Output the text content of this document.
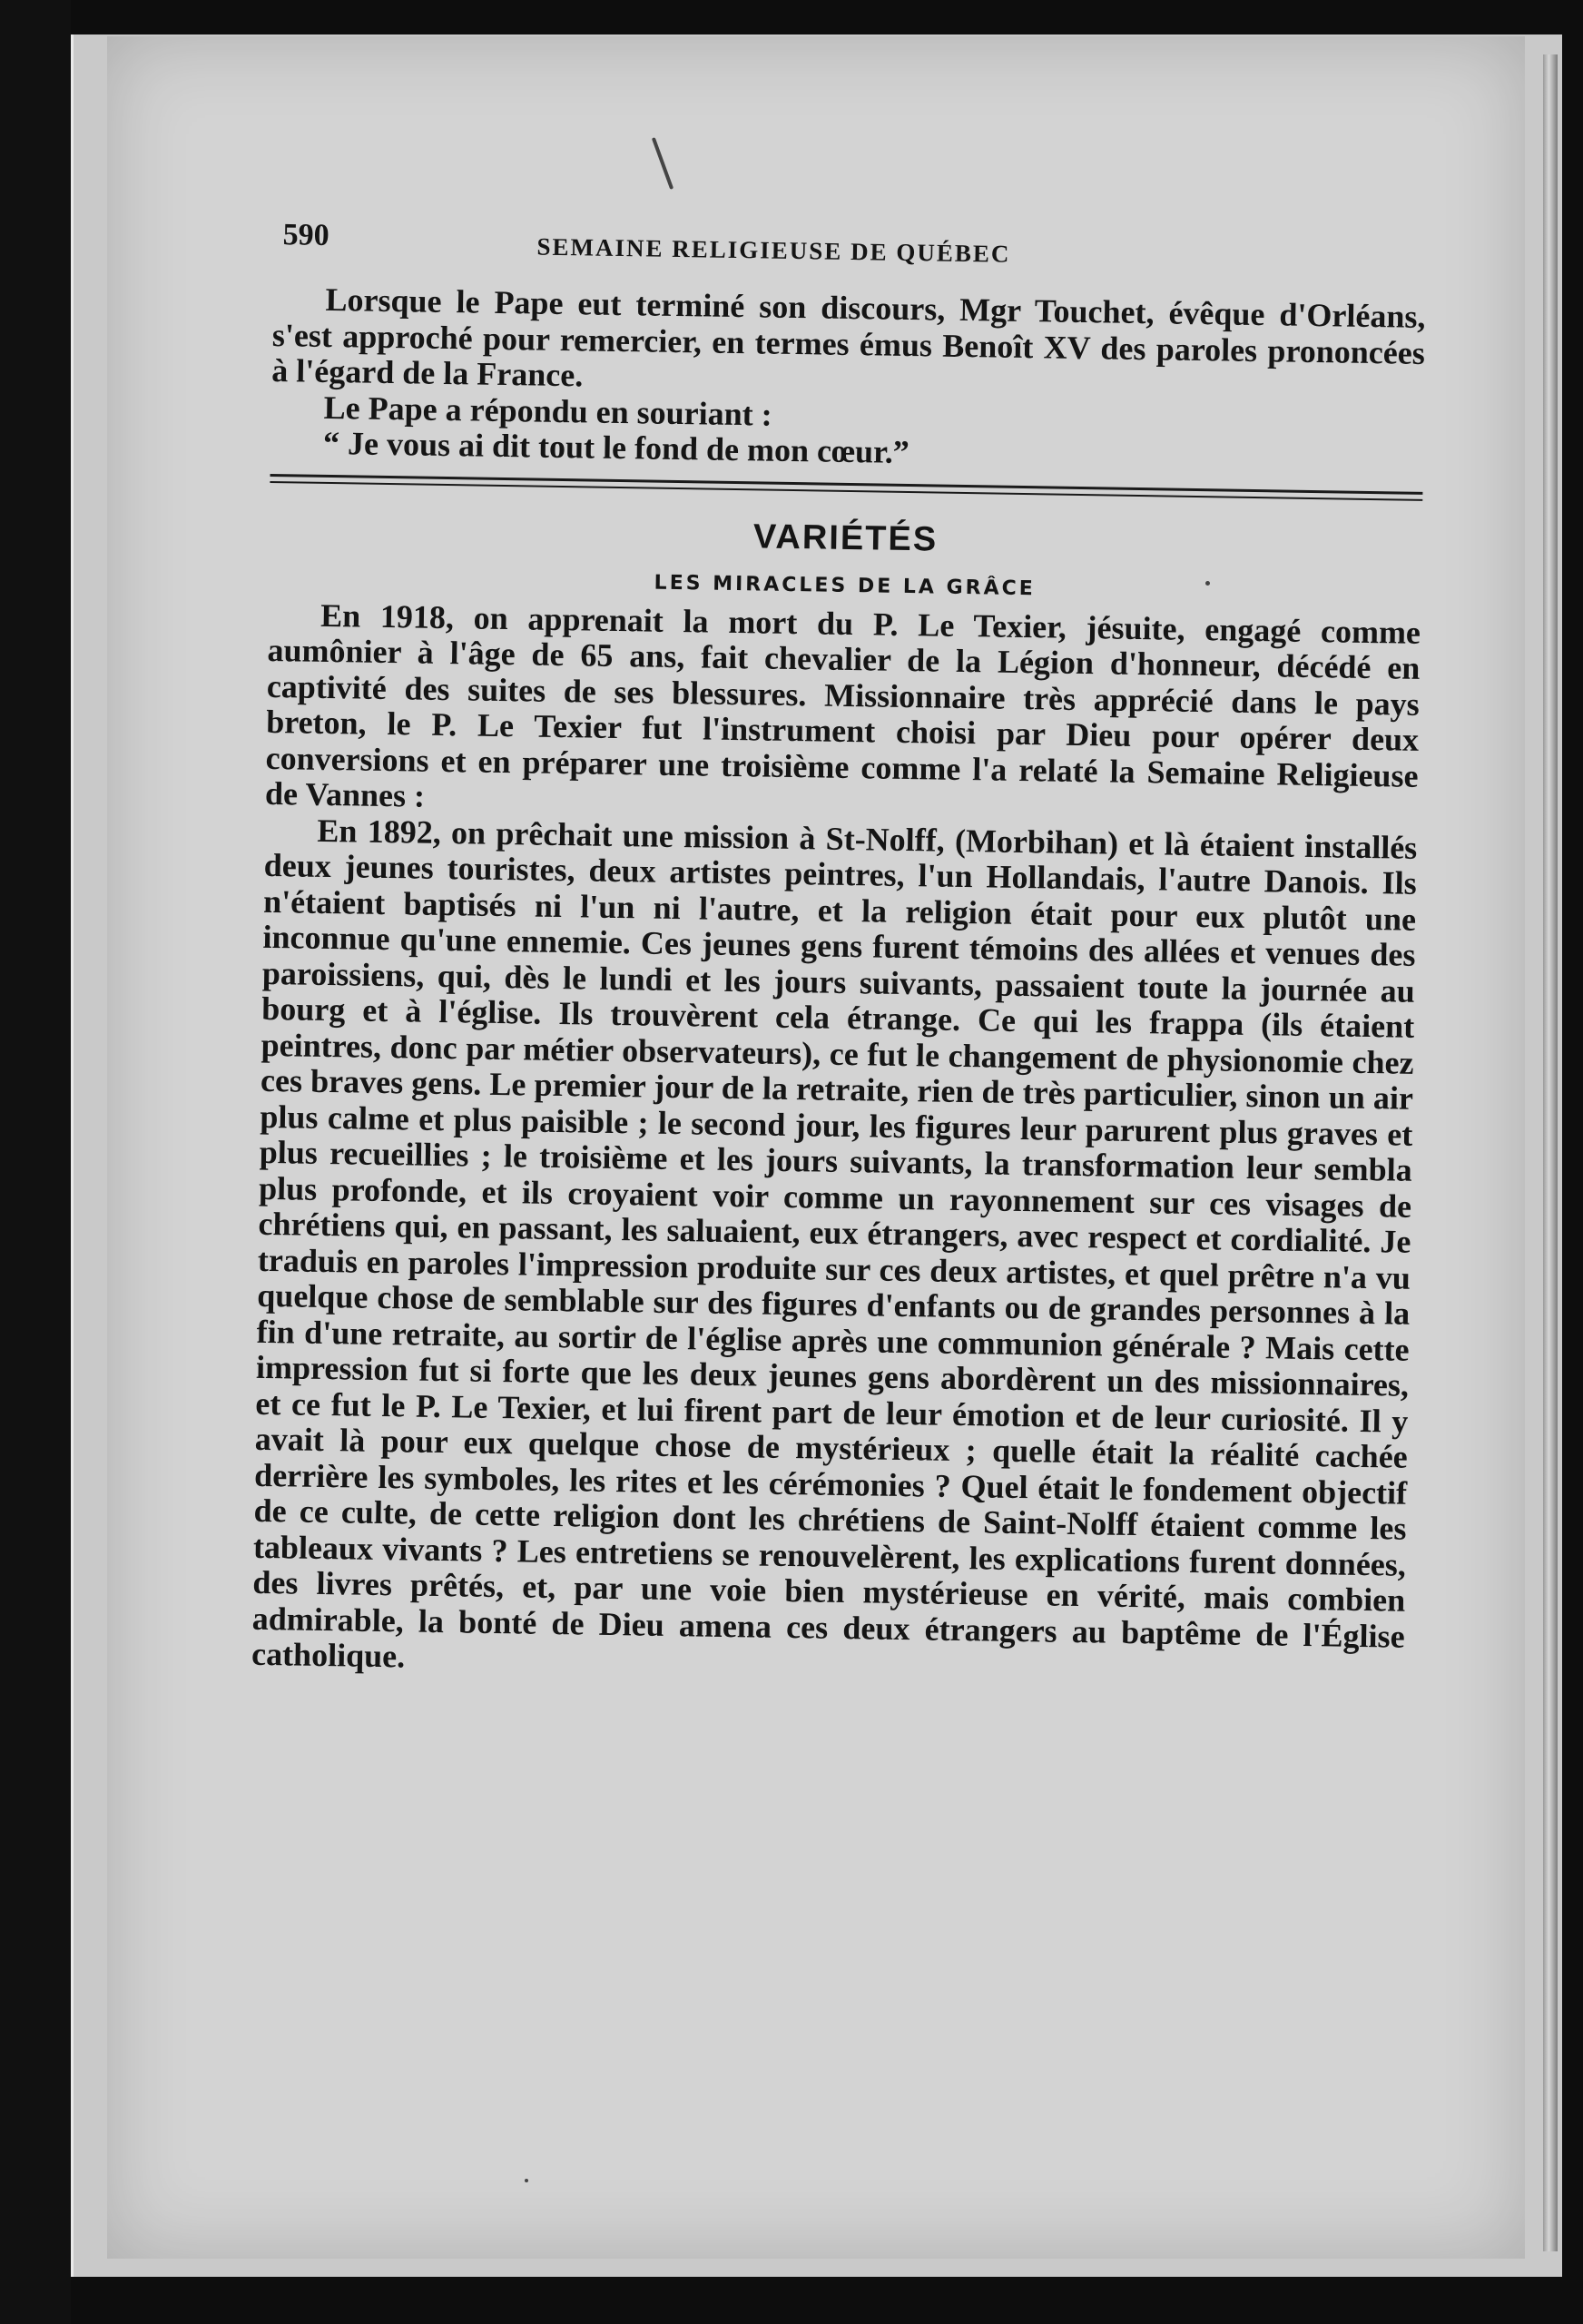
590	SEMAINE RELIGIEUSE DE QUÉBEC

Lorsque le Pape eut terminé son discours, Mgr Touchet, évêque d'Orléans, s'est approché pour remercier, en termes émus Benoît XV des paroles prononcées à l'égard de la France.

Le Pape a répondu en souriant :

“ Je vous ai dit tout le fond de mon cœur.”

VARIÉTÉS
LES MIRACLES DE LA GRÂCE

En 1918, on apprenait la mort du P. Le Texier, jésuite, engagé comme aumônier à l'âge de 65 ans, fait chevalier de la Légion d'honneur, décédé en captivité des suites de ses blessures. Missionnaire très apprécié dans le pays breton, le P. Le Texier fut l'instrument choisi par Dieu pour opérer deux conversions et en préparer une troisième comme l'a relaté la Semaine Religieuse de Vannes :

En 1892, on prêchait une mission à St-Nolff, (Morbihan) et là étaient installés deux jeunes touristes, deux artistes peintres, l'un Hollandais, l'autre Danois. Ils n'étaient baptisés ni l'un ni l'autre, et la religion était pour eux plutôt une inconnue qu'une ennemie. Ces jeunes gens furent témoins des allées et venues des paroissiens, qui, dès le lundi et les jours suivants, passaient toute la journée au bourg et à l'église. Ils trouvèrent cela étrange. Ce qui les frappa (ils étaient peintres, donc par métier observateurs), ce fut le changement de physionomie chez ces braves gens. Le premier jour de la retraite, rien de très particulier, sinon un air plus calme et plus paisible ; le second jour, les figures leur parurent plus graves et plus recueillies ; le troisième et les jours suivants, la transformation leur sembla plus profonde, et ils croyaient voir comme un rayonnement sur ces visages de chrétiens qui, en passant, les saluaient, eux étrangers, avec respect et cordialité. Je traduis en paroles l'impression produite sur ces deux artistes, et quel prêtre n'a vu quelque chose de semblable sur des figures d'enfants ou de grandes personnes à la fin d'une retraite, au sortir de l'église après une communion générale ? Mais cette impression fut si forte que les deux jeunes gens abordèrent un des missionnaires, et ce fut le P. Le Texier, et lui firent part de leur émotion et de leur curiosité. Il y avait là pour eux quelque chose de mystérieux ; quelle était la réalité cachée derrière les symboles, les rites et les cérémonies ? Quel était le fondement objectif de ce culte, de cette religion dont les chrétiens de Saint-Nolff étaient comme les tableaux vivants ? Les entretiens se renouvelèrent, les explications furent données, des livres prêtés, et, par une voie bien mystérieuse en vérité, mais combien admirable, la bonté de Dieu amena ces deux étrangers au baptême de l'Église catholique.
